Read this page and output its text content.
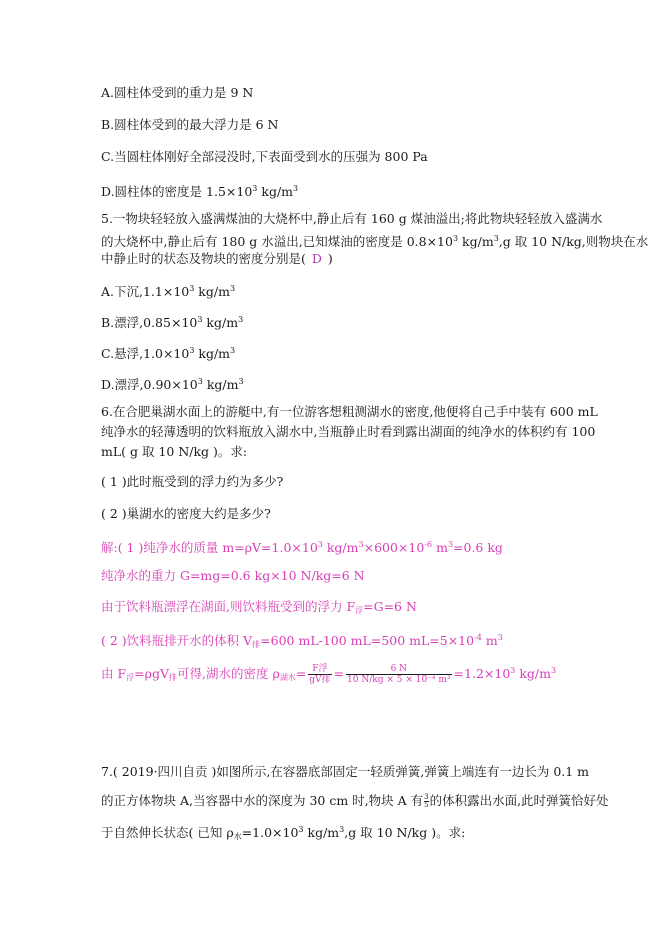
A.圆柱体受到的重力是 9 N
B.圆柱体受到的最大浮力是 6 N
C.当圆柱体刚好全部浸没时,下表面受到水的压强为 800 Pa
D.圆柱体的密度是 $1.5\times 10^3$ $kg/m^3$
5.一物块轻轻放入盛满煤油的大烧杯中,静止后有 160 g 煤油溢出;将此物块轻轻放入盛满水
的大烧杯中,静止后有 180 g 水溢出,已知煤油的密度是 $0.8\times 10^3$ $kg/m^3,g$ 取 10 N/kg,则物块在水
中静止时的状态及物块的密度分别是( D )
A.下沉$,1.1\times 10^3$ $kg/m^3$
B.漂浮$,0.85\times 10^3$ $kg/m^3$
C.悬浮$,1.0\times 10^3$ $kg/m^3$
D.漂浮$,0.90\times 10^3$ $kg/m^3$
6.在合肥巢湖水面上的游艇中,有一位游客想粗测湖水的密度,他便将自己手中装有 600 mL
纯净水的轻薄透明的饮料瓶放入湖水中,当瓶静止时看到露出湖面的纯净水的体积约有 100
mL( g 取 10 N/kg )。求:
( 1 )此时瓶受到的浮力约为多少?
( 2 )巢湖水的密度大约是多少?
解:( 1 )纯净水的质量 $m=\rho V=1.0\times 10^3$ $kg/m^3\times 600\times 10^{-6}$ $m^3=0.6$ kg
纯净水的重力 G=mg=0.6 kg×10 N/kg=6 N
由于饮料瓶漂浮在湖面,则饮料瓶受到的浮力 $F_浮=G=6$ N
( 2 )饮料瓶排开水的体积 $V_排=600$ mL-100 mL=500 $mL=5\times 10^{-4}$ $m^3$
由 $F_浮=\rho gV_排$可得,湖水的密度 $\rho_{湖水}= \frac{\text{F浮}}{\text{gV排}} = \frac{6 N}{\text{10 N/kg × 5 × 10⁻⁴ m³}} =1.2\times 10^3$ $kg/m^3$
7.( 2019·四川自贡 )如图所示,在容器底部固定一轻质弹簧,弹簧上端连有一边长为 0.1 m
的正方体物块 A,当容器中水的深度为 30 cm 时,物块 A 有 $\frac{3}{5}$ 的体积露出水面,此时弹簧恰好处
于自然伸长状态( 已知 $\rho_水=1.0\times 10^3$ $kg/m^3,g$ 取 10 N/kg )。求:
